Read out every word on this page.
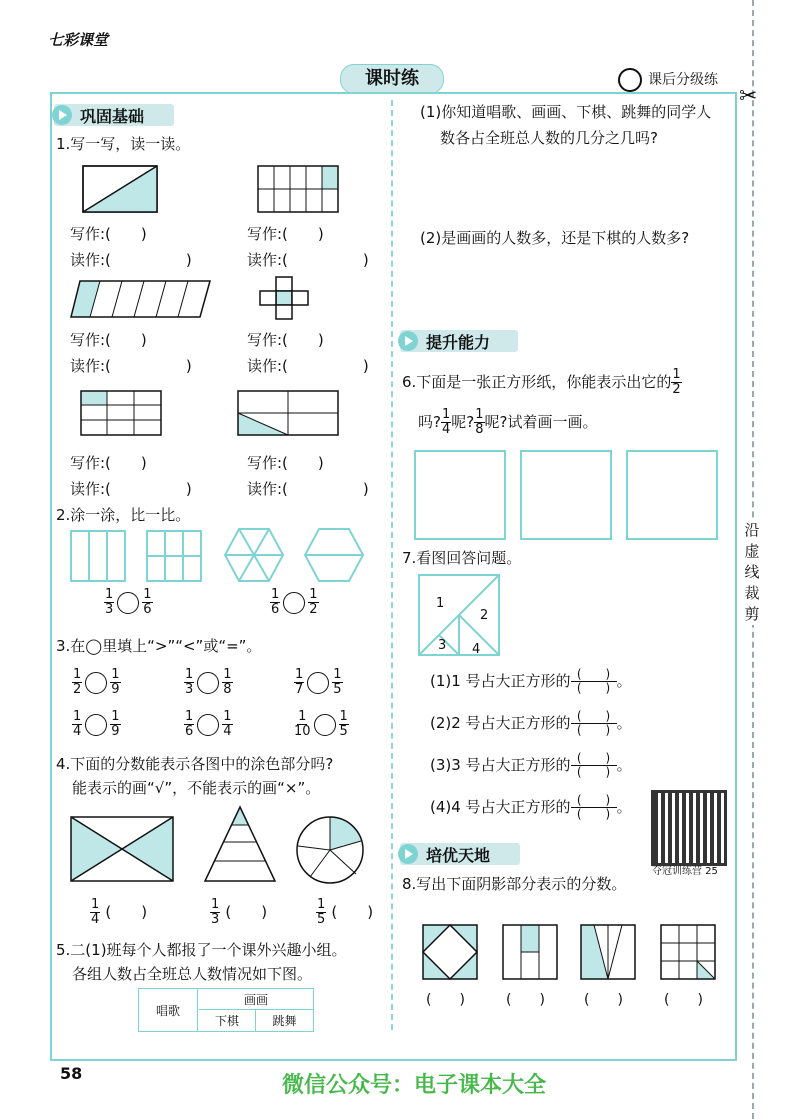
七彩课堂
课时练	课后分级练
✂
沿
虚
线
裁
剪
巩固基础
1.写一写，读一读。
写作:(　　)
读作:(　　　　　)
写作:(　　)
读作:(　　　　　)
写作:(　　)
读作:(　　　　　)
写作:(　　)
读作:(　　　　　)
写作:(　　)
读作:(　　　　　)
写作:(　　)
读作:(　　　　　)
2.涂一涂，比一比。
$\frac{1}{3} \frac{1}{6}$	$\frac{1}{6} \frac{1}{2}$
3.在◯里填上“>”“<”或“=”。
$\frac{1}{2} \frac{1}{9}$	$\frac{1}{3} \frac{1}{8}$	$\frac{1}{7} \frac{1}{5}$
$\frac{1}{4} \frac{1}{9}$	$\frac{1}{6} \frac{1}{4}$	$\frac{1}{10} \frac{1}{5}$
4.下面的分数能表示各图中的涂色部分吗?
能表示的画“√”，不能表示的画“×”。
$\frac{1}{4}$ (　　)	$\frac{1}{3}$ (　　)	$\frac{1}{5}$ (　　)
5.二(1)班每个人都报了一个课外兴趣小组。
各组人数占全班总人数情况如下图。
唱歌
画画
下棋	跳舞
(1)你知道唱歌、画画、下棋、跳舞的同学人
数各占全班总人数的几分之几吗?
(2)是画画的人数多，还是下棋的人数多?
提升能力
6.下面是一张正方形纸，你能表示出它的 $\frac{1}{2}$
吗? $\frac{1}{4}$ 呢? $\frac{1}{8}$ 呢?试着画一画。
7.看图回答问题。
1
2
3 4
(1)1 号占大正方形的 (　　)
(　　) 。
(2)2 号占大正方形的 (　　)
(　　) 。
(3)3 号占大正方形的 (　　)
(　　) 。
(4)4 号占大正方形的 (　　)
(　　) 。
夺冠训练营 25
培优天地
8.写出下面阴影部分表示的分数。
(　　)	(　　)	(　　)	(　　)
58	微信公众号：电子课本大全
